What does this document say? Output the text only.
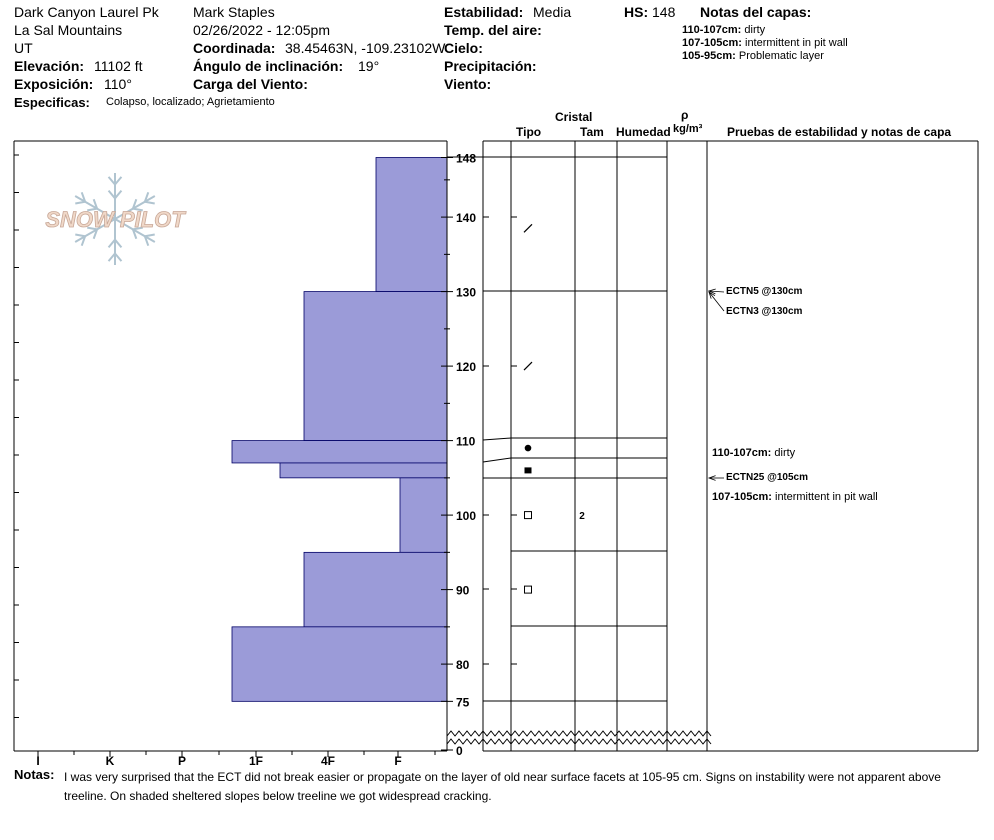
Dark Canyon Laurel Pk
La Sal Mountains
UT
Elevación: 11102 ft
Exposición: 110°
Especificas: Colapso, localizado; Agrietamiento
Mark Staples
02/26/2022 - 12:05pm
Coordinada: 38.45463N, -109.23102W
Ángulo de inclinación: 19°
Carga del Viento:
Estabilidad: Media
Temp. del aire:
Cielo:
Precipitación:
Viento:
HS: 148 Notas del capas:
110-107cm: dirty
107-105cm: intermittent in pit wall
105-95cm: Problematic layer
Cristal
Tipo	Tam Humedad
ρ
kg/m³ Pruebas de estabilidad y notas de capa
SNOW PILOT
I	K	P	1F	4F	F
148
140
130
120
110
100
90
80
75
0
2
ECTN5 @130cm
ECTN3 @130cm
ECTN25 @105cm
110-107cm: dirty
107-105cm: intermittent in pit wall
Notas: I was very surprised that the ECT did not break easier or propagate on the layer of old near surface facets at 105-95 cm. Signs on instability were not apparent above treeline. On shaded sheltered slopes below treeline we got widespread cracking.
